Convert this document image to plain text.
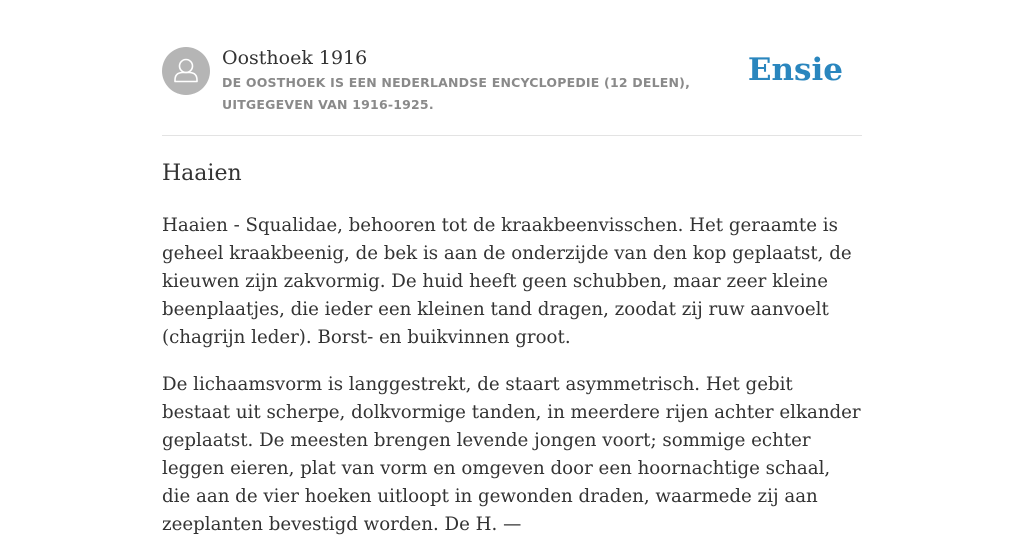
Oosthoek 1916
DE OOSTHOEK IS EEN NEDERLANDSE ENCYCLOPEDIE (12 DELEN), UITGEGEVEN VAN 1916-1925.
Ensie
Haaien

Haaien - Squalidae, behooren tot de kraakbeenvisschen. Het geraamte is geheel kraakbeenig, de bek is aan de onderzijde van den kop geplaatst, de kieuwen zijn zakvormig. De huid heeft geen schubben, maar zeer kleine beenplaatjes, die ieder een kleinen tand dragen, zoodat zij ruw aanvoelt (chagrijn leder). Borst- en buikvinnen groot.

De lichaamsvorm is langgestrekt, de staart asymmetrisch. Het gebit bestaat uit scherpe, dolkvormige tanden, in meerdere rijen achter elkander geplaatst. De meesten brengen levende jongen voort; sommige echter leggen eieren, plat van vorm en omgeven door een hoornachtige schaal, die aan de vier hoeken uitloopt in gewonden draden, waarmede zij aan zeeplanten bevestigd worden. De H. —
